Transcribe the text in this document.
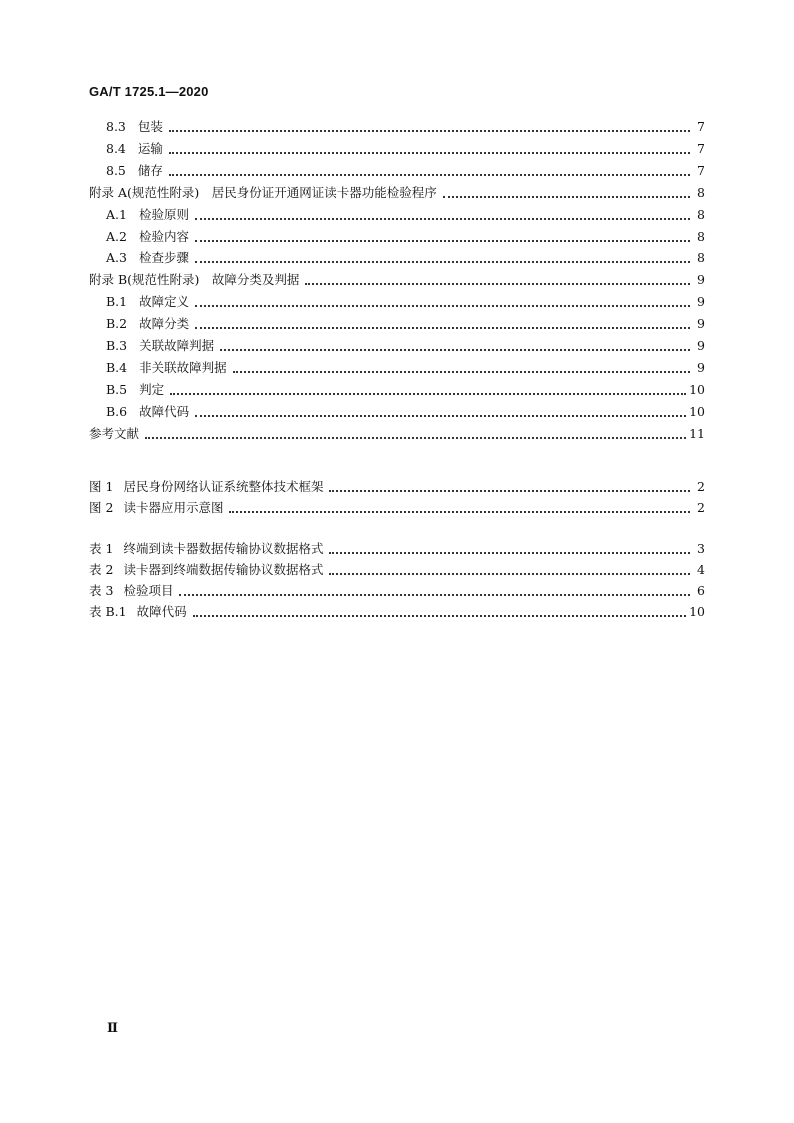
GA/T 1725.1—2020
8.3 包装	7
8.4 运输	7
8.5 储存	7
附录 A (规范性附录)　居民身份证开通网证读卡器功能检验程序	8
A.1 检验原则	8
A.2 检验内容	8
A.3 检查步骤	8
附录 B (规范性附录)　故障分类及判据	9
B.1 故障定义	9
B.2 故障分类	9
B.3 关联故障判据	9
B.4 非关联故障判据	9
B.5 判定	10
B.6 故障代码	10
参考文献	11
图 1 居民身份网络认证系统整体技术框架	2
图 2 读卡器应用示意图	2
表 1 终端到读卡器数据传输协议数据格式	3
表 2 读卡器到终端数据传输协议数据格式	4
表 3 检验项目	6
表 B.1 故障代码	10
Ⅱ
